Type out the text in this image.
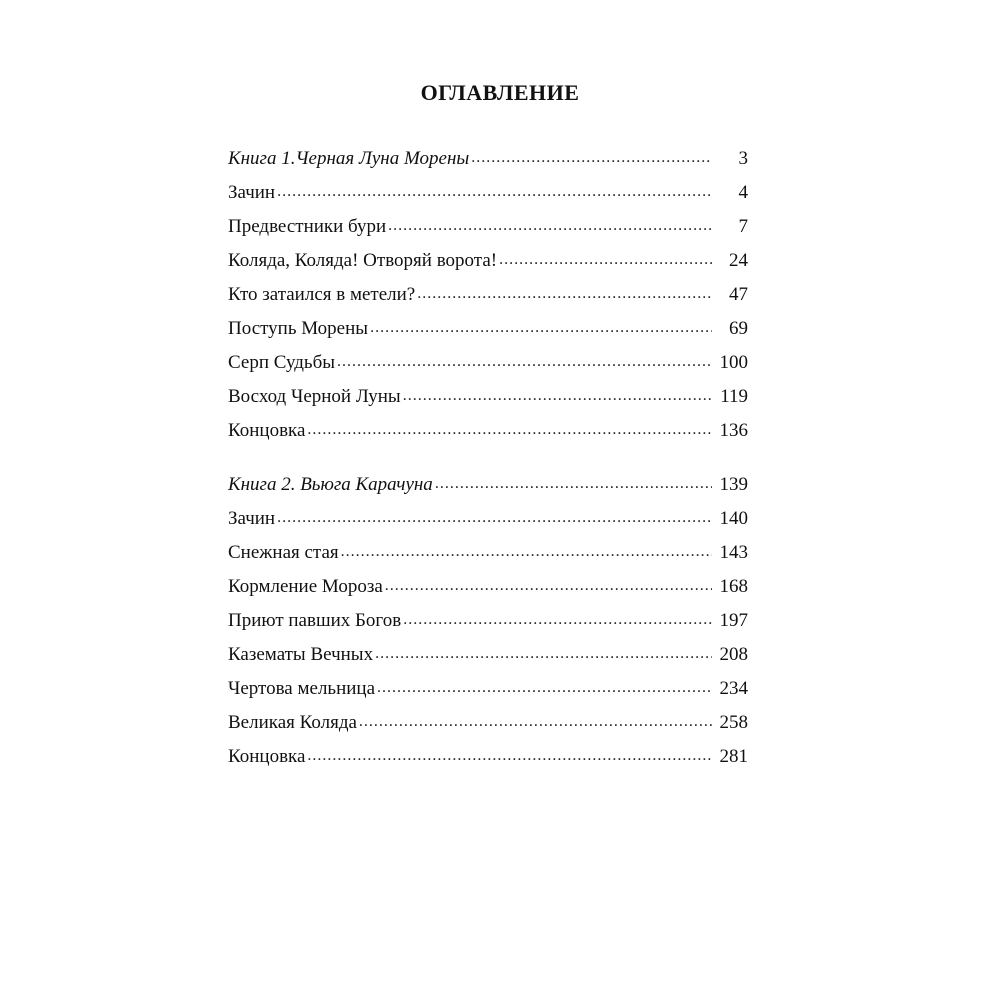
ОГЛАВЛЕНИЕ
Книга 1.Черная Луна Морены .....	3
Зачин .....	4
Предвестники бури .....	7
Коляда, Коляда! Отворяй ворота! .....	24
Кто затаился в метели? .....	47
Поступь Морены .....	69
Серп Судьбы .....	100
Восход Черной Луны .....	119
Концовка .....	136
Книга 2. Вьюга Карачуна .....	139
Зачин .....	140
Снежная стая .....	143
Кормление Мороза .....	168
Приют павших Богов .....	197
Казематы Вечных .....	208
Чертова мельница .....	234
Великая Коляда .....	258
Концовка .....	281
